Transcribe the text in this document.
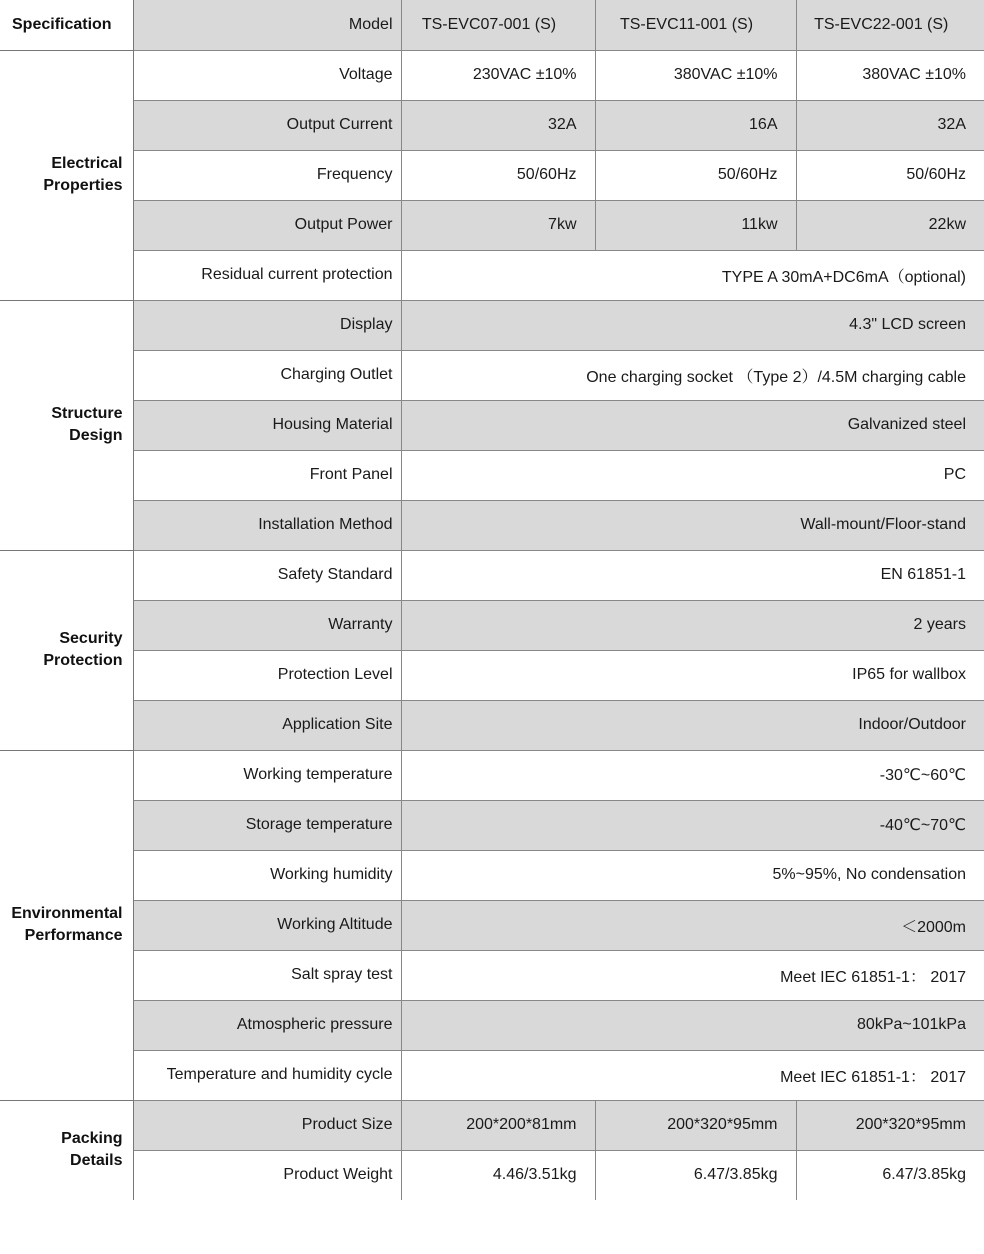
Specification	Model	TS-EVC07-001 (S)	TS-EVC11-001 (S)	TS-EVC22-001 (S)
Electrical Properties	Voltage	230VAC ±10%	380VAC ±10%	380VAC ±10%
	Output Current	32A	16A	32A
	Frequency	50/60Hz	50/60Hz	50/60Hz
	Output Power	7kw	11kw	22kw
	Residual current protection	TYPE A 30mA+DC6mA（optional)		
Structure Design	Display	4.3" LCD screen		
	Charging Outlet	One charging socket （Type 2）/4.5M charging cable		
	Housing Material	Galvanized steel		
	Front Panel	PC		
	Installation Method	Wall-mount/Floor-stand		
Security Protection	Safety Standard	EN 61851-1		
	Warranty	2 years		
	Protection Level	IP65 for wallbox		
	Application Site	Indoor/Outdoor		
Environmental Performance	Working temperature	-30℃~60℃		
	Storage temperature	-40℃~70℃		
	Working humidity	5%~95%, No condensation		
	Working Altitude	＜2000m		
	Salt spray test	Meet IEC 61851-1： 2017		
	Atmospheric pressure	80kPa~101kPa		
	Temperature and humidity cycle	Meet IEC 61851-1： 2017		
Packing Details	Product Size	200*200*81mm	200*320*95mm	200*320*95mm
	Product Weight	4.46/3.51kg	6.47/3.85kg	6.47/3.85kg
